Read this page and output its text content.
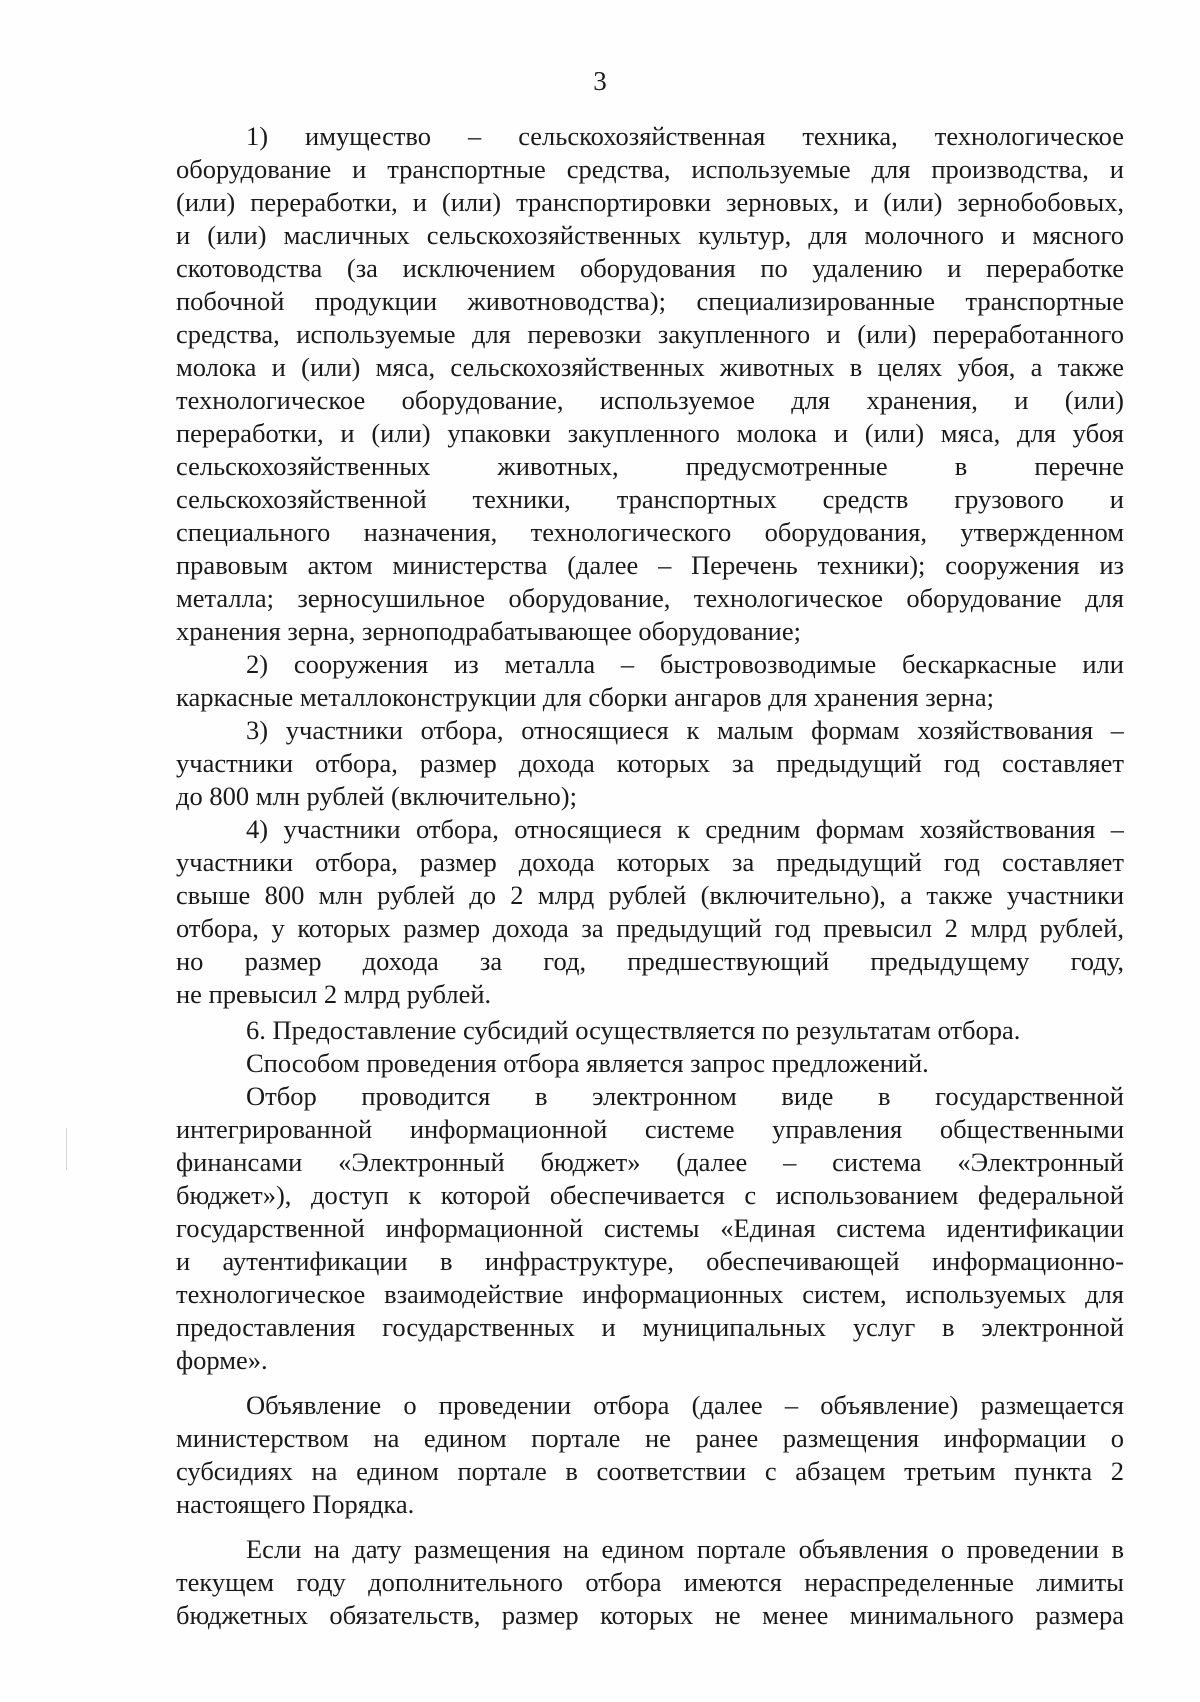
3
1) имущество – сельскохозяйственная техника, технологическое
оборудование и транспортные средства, используемые для производства, и
(или) переработки, и (или) транспортировки зерновых, и (или) зернобобовых,
и (или) масличных сельскохозяйственных культур, для молочного и мясного
скотоводства (за исключением оборудования по удалению и переработке
побочной продукции животноводства); специализированные транспортные
средства, используемые для перевозки закупленного и (или) переработанного
молока и (или) мяса, сельскохозяйственных животных в целях убоя, а также
технологическое оборудование, используемое для хранения, и (или)
переработки, и (или) упаковки закупленного молока и (или) мяса, для убоя
сельскохозяйственных животных, предусмотренные в перечне
сельскохозяйственной техники, транспортных средств грузового и
специального назначения, технологического оборудования, утвержденном
правовым актом министерства (далее – Перечень техники); сооружения из
металла; зерносушильное оборудование, технологическое оборудование для
хранения зерна, зерноподрабатывающее оборудование;
2) сооружения из металла – быстровозводимые бескаркасные или
каркасные металлоконструкции для сборки ангаров для хранения зерна;
3) участники отбора, относящиеся к малым формам хозяйствования –
участники отбора, размер дохода которых за предыдущий год составляет
до 800 млн рублей (включительно);
4) участники отбора, относящиеся к средним формам хозяйствования –
участники отбора, размер дохода которых за предыдущий год составляет
свыше 800 млн рублей до 2 млрд рублей (включительно), а также участники
отбора, у которых размер дохода за предыдущий год превысил 2 млрд рублей,
но размер дохода за год, предшествующий предыдущему году,
не превысил 2 млрд рублей.
6. Предоставление субсидий осуществляется по результатам отбора.
Способом проведения отбора является запрос предложений.
Отбор проводится в электронном виде в государственной
интегрированной информационной системе управления общественными
финансами «Электронный бюджет» (далее – система «Электронный
бюджет»), доступ к которой обеспечивается с использованием федеральной
государственной информационной системы «Единая система идентификации
и аутентификации в инфраструктуре, обеспечивающей информационно-
технологическое взаимодействие информационных систем, используемых для
предоставления государственных и муниципальных услуг в электронной
форме».
Объявление о проведении отбора (далее – объявление) размещается
министерством на едином портале не ранее размещения информации о
субсидиях на едином портале в соответствии с абзацем третьим пункта 2
настоящего Порядка.
Если на дату размещения на едином портале объявления о проведении в
текущем году дополнительного отбора имеются нераспределенные лимиты
бюджетных обязательств, размер которых не менее минимального размера
